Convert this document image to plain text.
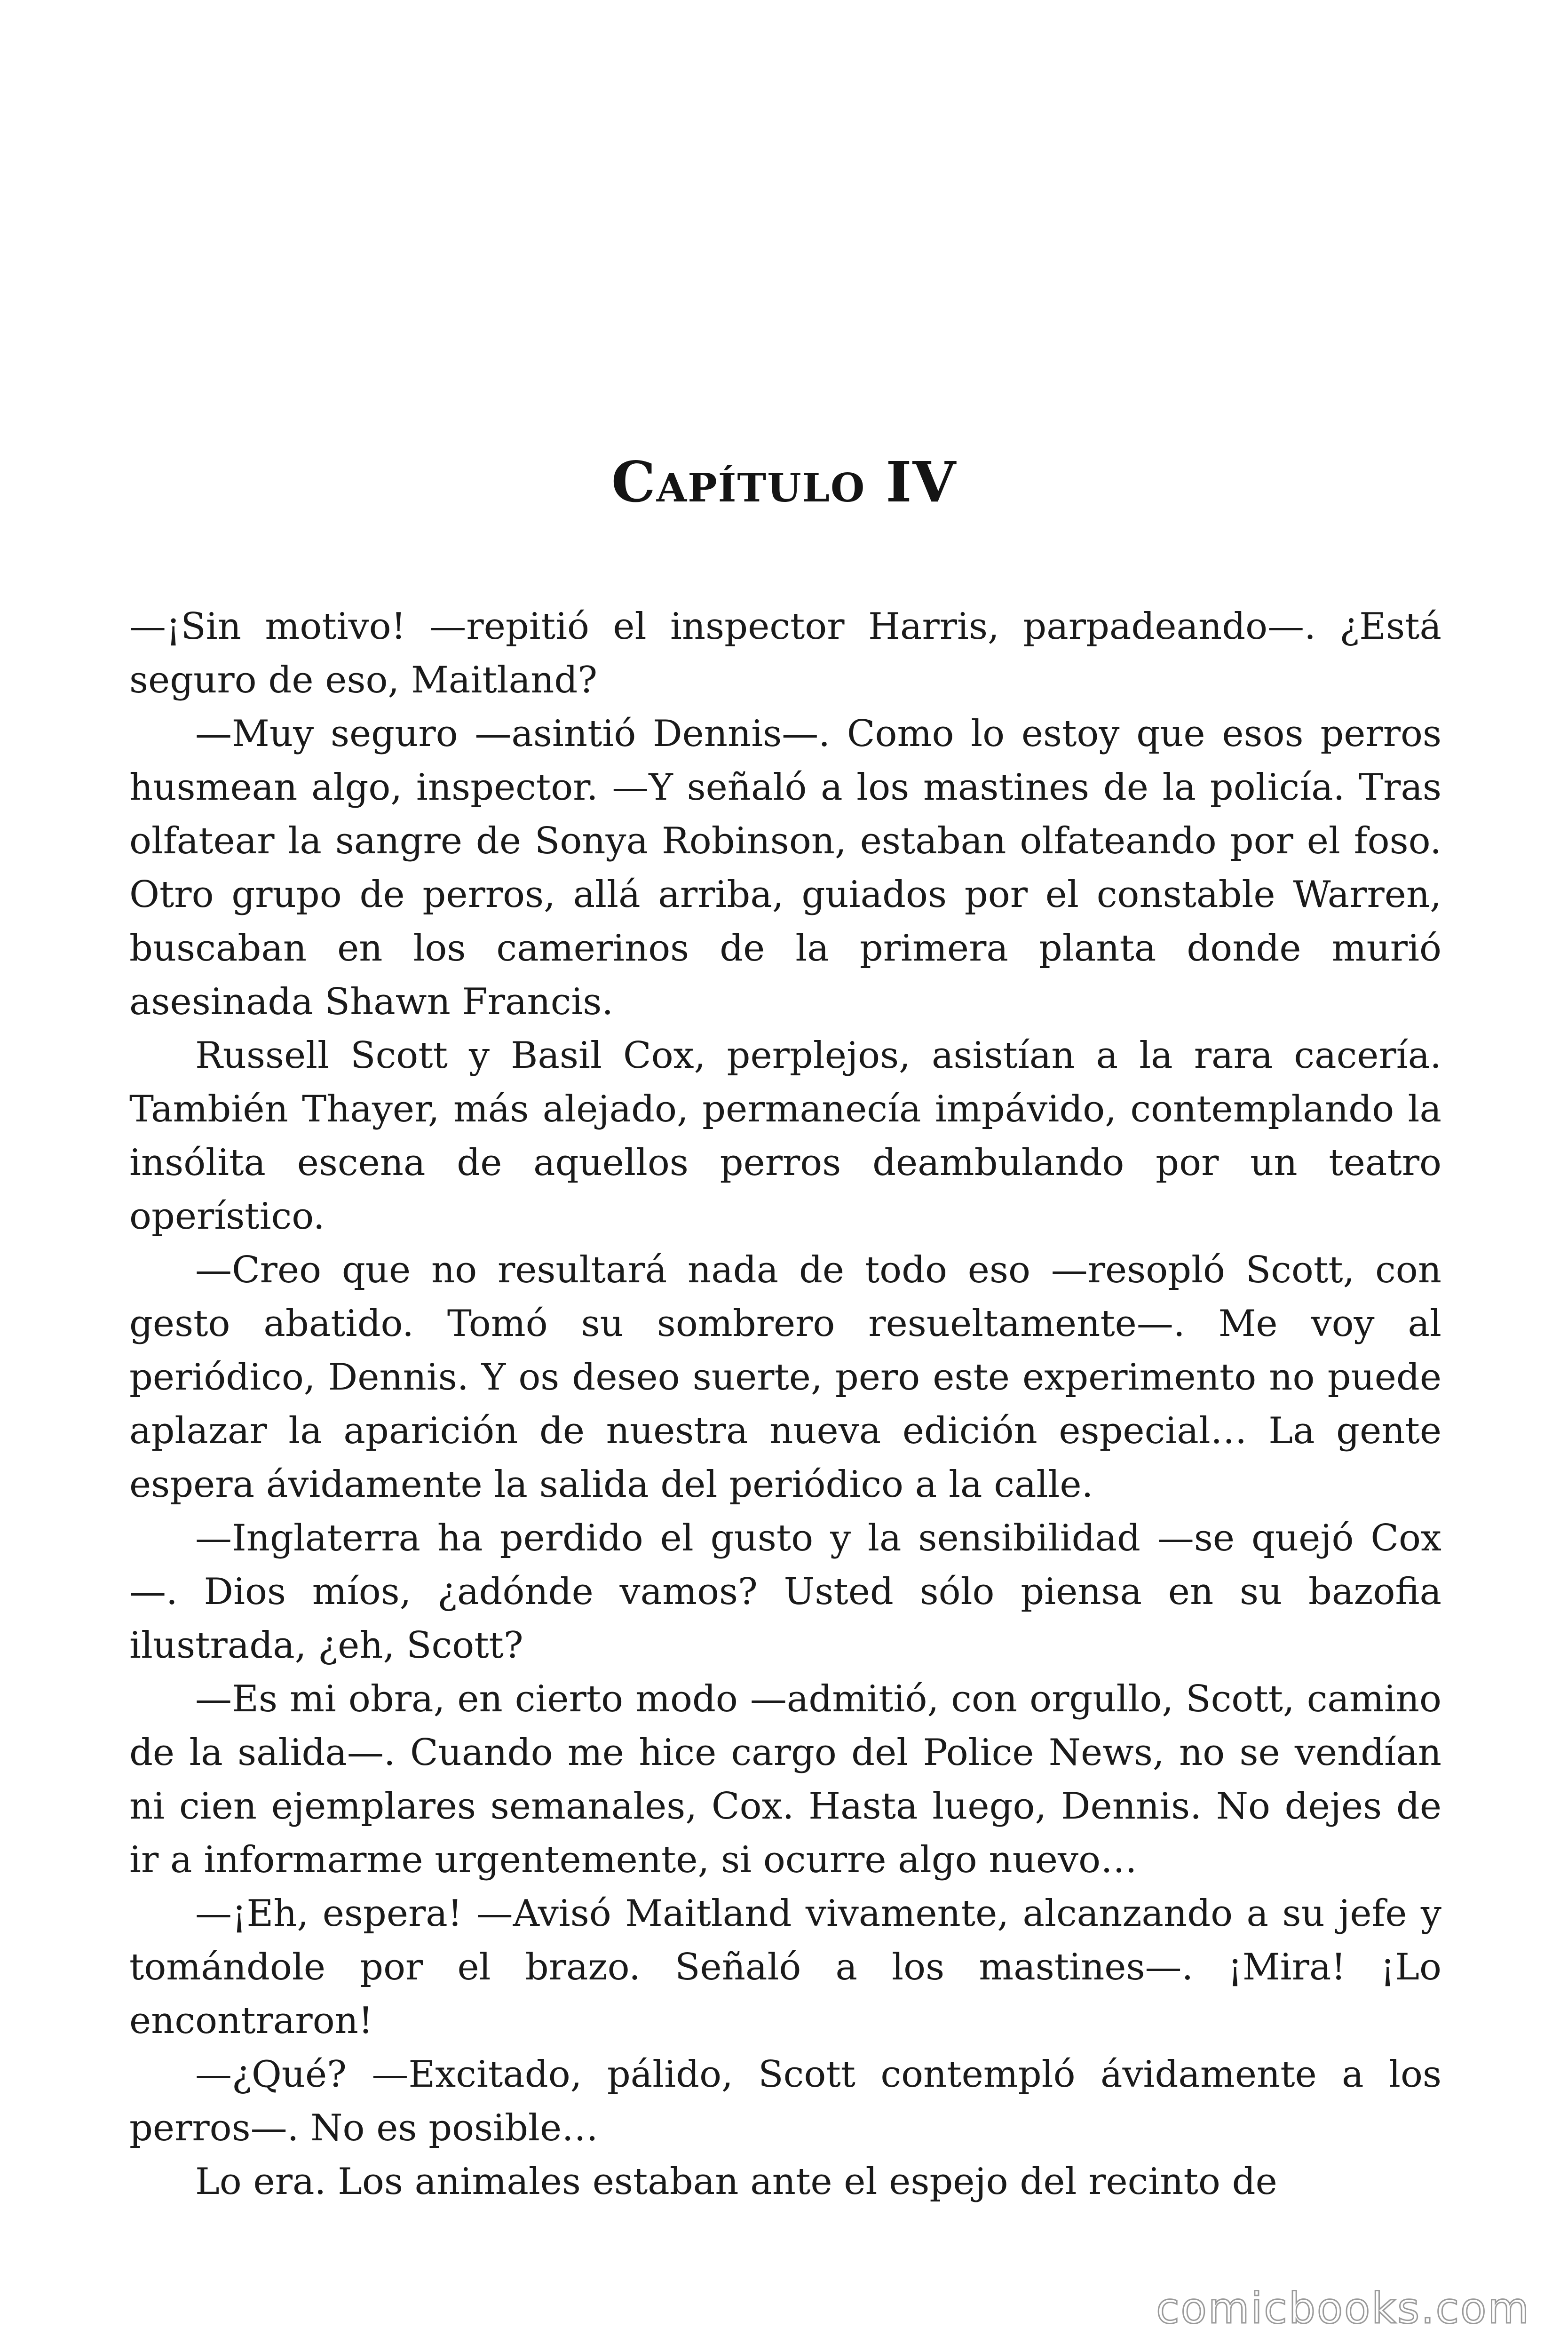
Capítulo IV

—¡Sin motivo! —repitió el inspector Harris, parpadeando—. ¿Está seguro de eso, Maitland?

—Muy seguro —asintió Dennis—. Como lo estoy que esos perros husmean algo, inspector. —Y señaló a los mastines de la policía. Tras olfatear la sangre de Sonya Robinson, estaban olfateando por el foso. Otro grupo de perros, allá arriba, guiados por el constable Warren, buscaban en los camerinos de la primera planta donde murió asesinada Shawn Francis.

Russell Scott y Basil Cox, perplejos, asistían a la rara cacería. También Thayer, más alejado, permanecía impávido, contemplando la insólita escena de aquellos perros deambulando por un teatro operístico.

—Creo que no resultará nada de todo eso —resopló Scott, con gesto abatido. Tomó su sombrero resueltamente—. Me voy al periódico, Dennis. Y os deseo suerte, pero este experimento no puede aplazar la aparición de nuestra nueva edición especial… La gente espera ávidamente la salida del periódico a la calle.

—Inglaterra ha perdido el gusto y la sensibilidad —se quejó Cox —. Dios míos, ¿adónde vamos? Usted sólo piensa en su bazofia ilustrada, ¿eh, Scott?

—Es mi obra, en cierto modo —admitió, con orgullo, Scott, camino de la salida—. Cuando me hice cargo del Police News, no se vendían ni cien ejemplares semanales, Cox. Hasta luego, Dennis. No dejes de ir a informarme urgentemente, si ocurre algo nuevo…

—¡Eh, espera! —Avisó Maitland vivamente, alcanzando a su jefe y tomándole por el brazo. Señaló a los mastines—. ¡Mira! ¡Lo encontraron!

—¿Qué? —Excitado, pálido, Scott contempló ávidamente a los perros—. No es posible…

Lo era. Los animales estaban ante el espejo del recinto de

comicbooks.com
